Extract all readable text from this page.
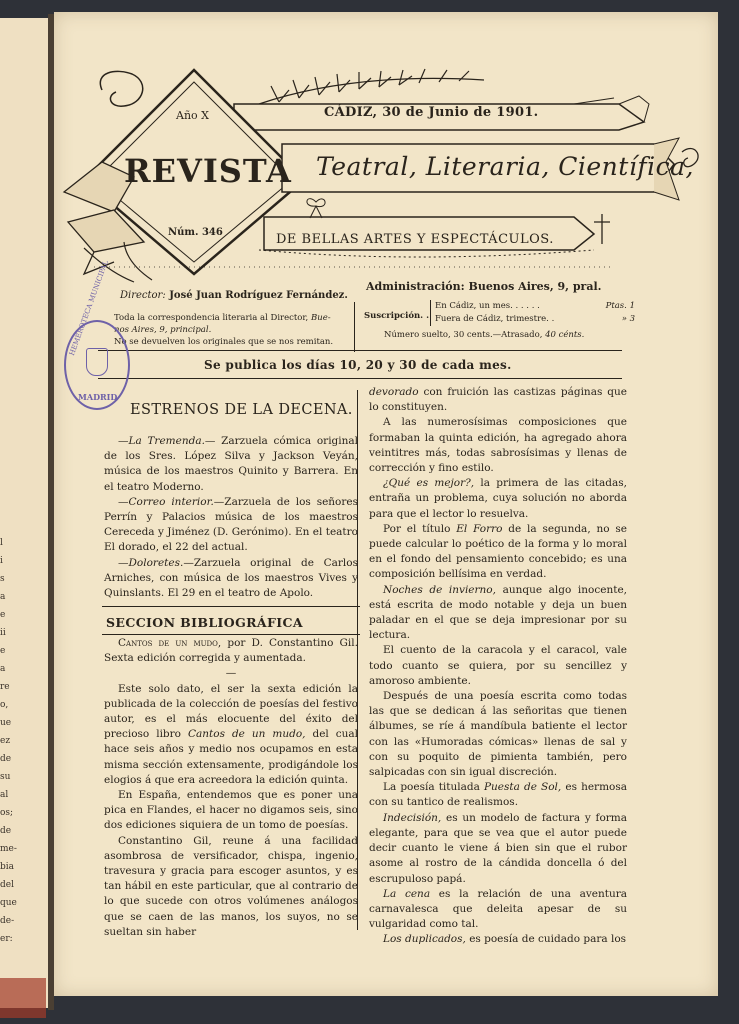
l
i
s
a
e
ii
e
a
re
o,
ue
ez
de
su
al
os;
de
me-
bia
del
que
de-
er:
Año X	CÁDIZ, 30 de Junio de 1901.
REVISTA
Núm. 346
Teatral, Literaria, Científica,
DE BELLAS ARTES Y ESPECTÁCULOS.
Director: José Juan Rodríguez Fernández.
Toda la correspondencia literaria al Director, Bue-
nos Aires, 9, principal.
No se devuelven los originales que se nos remitan.
Administración: Buenos Aires, 9, pral.
Suscripción. .
En Cádiz, un mes. . . . . .	Ptas. 1
Fuera de Cádiz, trimestre. .	» 3
Número suelto, 30 cents.—Atrasado, 40 cénts.
Se publica los días 10, 20 y 30 de cada mes.
HEMEROTECA MUNICIPAL
MADRID
ESTRENOS DE LA DECENA.

—La Tremenda.— Zarzuela cómica original de los Sres. López Silva y Jackson Veyán, música de los maestros Quinito y Barrera. En el teatro Moderno.

—Correo interior.—Zarzuela de los señores Perrín y Palacios música de los maestros Cereceda y Jiménez (D. Gerónimo). En el teatro El dorado, el 22 del actual.

—Doloretes.—Zarzuela original de Carlos Arniches, con música de los maestros Vives y Quinslants. El 29 en el teatro de Apolo.

SECCION BIBLIOGRÁFICA

Cantos de un mudo, por D. Constantino Gil. Sexta edición corregida y aumentada.

—

Este solo dato, el ser la sexta edición la publicada de la colección de poesías del festivo autor, es el más elocuente del éxito del precioso libro Cantos de un mudo, del cual hace seis años y medio nos ocupamos en esta misma sección extensamente, prodigándole los elogios á que era acreedora la edición quinta.

En España, entendemos que es poner una pica en Flandes, el hacer no digamos seis, sino dos ediciones siquiera de un tomo de poesías.

Constantino Gil, reune á una facilidad asombrosa de versificador, chispa, ingenio, travesura y gracia para escoger asuntos, y es tan hábil en este particular, que al contrario de lo que sucede con otros volúmenes análogos que se caen de las manos, los suyos, no se sueltan sin haber

devorado con fruición las castizas páginas que lo constituyen.

A las numerosísimas composiciones que formaban la quinta edición, ha agregado ahora veintitres más, todas sabrosísimas y llenas de corrección y fino estilo.

¿Qué es mejor?, la primera de las citadas, entraña un problema, cuya solución no aborda para que el lector lo resuelva.

Por el título El Forro de la segunda, no se puede calcular lo poético de la forma y lo moral en el fondo del pensamiento concebido; es una composición bellísima en verdad.

Noches de invierno, aunque algo inocente, está escrita de modo notable y deja un buen paladar en el que se deja impresionar por su lectura.

El cuento de la caracola y el caracol, vale todo cuanto se quiera, por su sencillez y amoroso ambiente.

Después de una poesía escrita como todas las que se dedican á las señoritas que tienen álbumes, se ríe á mandíbula batiente el lector con las «Humoradas cómicas» llenas de sal y con su poquito de pimienta también, pero salpicadas con sin igual discreción.

La poesía titulada Puesta de Sol, es hermosa con su tantico de realismos.

Indecisión, es un modelo de factura y forma elegante, para que se vea que el autor puede decir cuanto le viene á bien sin que el rubor asome al rostro de la cándida doncella ó del escrupuloso papá.

La cena es la relación de una aventura carnavalesca que deleita apesar de su vulgaridad como tal.

Los duplicados, es poesía de cuidado para los
